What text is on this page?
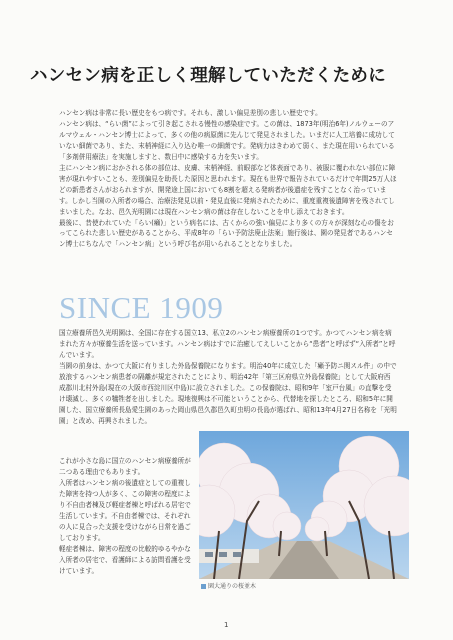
ハンセン病を正しく理解していただくために

ハンセン病は非常に長い歴史をもつ病です。それも、激しい偏見差別の悲しい歴史です。

ハンセン病は、“らい菌”によって引き起こされる慢性の感染症です。この菌は、1873年(明治6年)ノルウェーのアルマウェル・ハンセン博士によって、多くの他の病原菌に先んじて発見されました。いまだに人工培養に成功していない細菌であり、また、末梢神経に入り込む唯一の細菌です。発病力はきわめて弱く、また現在用いられている「多剤併用療法」を実施しますと、数日中に感染する力を失います。

主にハンセン病におかされる体の部位は、皮膚、末梢神経、前眼部など体表面であり、被服に覆われない部位に障害が現れやすいことも、差別偏見を助長した原因と思われます。現在も世界で報告されているだけで年間25万人ほどの新患者さんがおられますが、開発途上国においても8割を超える発病者が後遺症を残すことなく治っています。しかし当園の入所者の場合、治療法発見以前・発見直後に発病されたために、重度重複後遺障害を残されてしまいました。なお、邑久光明園には現在ハンセン病の菌は存在しないことを申し添えておきます。

最後に、昔使われていた「らい(癩)」という病名には、古くからの強い偏見により多くの方々が深刻な心の傷をおってこられた悲しい歴史があることから、平成8年の「らい予防法廃止法案」施行後は、園の発見者であるハンセン博士にちなんで「ハンセン病」という呼び名が用いられることとなりました。

SINCE 1909

国立療養所邑久光明園は、全国に存在する国立13、私立2のハンセン病療養所の1つです。かつてハンセン病を病まれた方々が療養生活を送っています。ハンセン病はすでに治癒してえしいことから“患者”と呼ばず“入所者”と呼んでいます。

当園の前身は、かつて大阪に有りました外島保養院になります。明治40年に成立した「癩予防ニ関スル件」の中で放浪するハンセン病患者の隔離が規定されたことにより、明治42年「第三区府県立外島保養院」として大阪府西成郡川北村外島(現在の大阪市西淀川区中島)に設立されました。この保養院は、昭和9年「室戸台風」の直撃を受け壊滅し、多くの犠牲者を出しました。現地復興は不可能ということから、代替地を探したところ、昭和5年に開園した、国立療養所長島愛生園のあった岡山県邑久郡邑久町虫明の長島が選ばれ、昭和13年4月27日名称を「光明園」と改め、再興されました。

これが小さな島に国立のハンセン病療養所が二つある理由でもあります。

入所者はハンセン病の後遺症としての重複した障害を持つ人が多く、この障害の程度により不自由者棟及び軽症者棟と呼ばれる居宅で生活しています。不自由者棟では、それぞれの人に見合った支援を受けながら日常を過ごしております。

軽症者棟は、障害の程度の比較的ゆるやかな入所者の居宅で、看護師による訪問看護を受けています。

園大通りの桜並木
1
